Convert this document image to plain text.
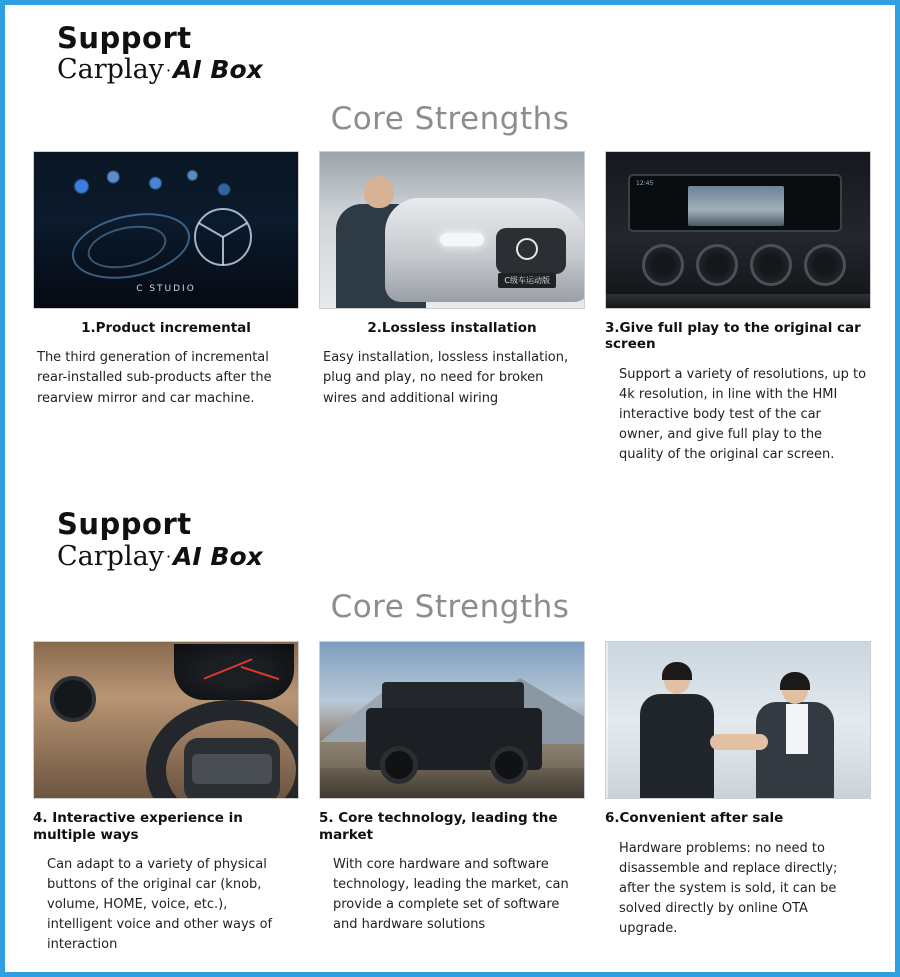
Support
Carplay ·AI Box
Core Strengths
C STUDIO
1.Product incremental
The third generation of incremental rear-installed sub-products after the rearview mirror and car machine.
C级车运动版
2.Lossless installation
Easy installation, lossless installation, plug and play, no need for broken wires and additional wiring
12:45
3.Give full play to the original car screen
Support a variety of resolutions, up to 4k resolution, in line with the HMI interactive body test of the car owner, and give full play to the quality of the original car screen.
Support
Carplay ·AI Box
Core Strengths
4. Interactive experience in multiple ways
Can adapt to a variety of physical buttons of the original car (knob, volume, HOME, voice, etc.), intelligent voice and other ways of interaction
5. Core technology, leading the market
With core hardware and software technology, leading the market, can provide a complete set of software and hardware solutions
6.Convenient after sale
Hardware problems: no need to disassemble and replace directly; after the system is sold, it can be solved directly by online OTA upgrade.
